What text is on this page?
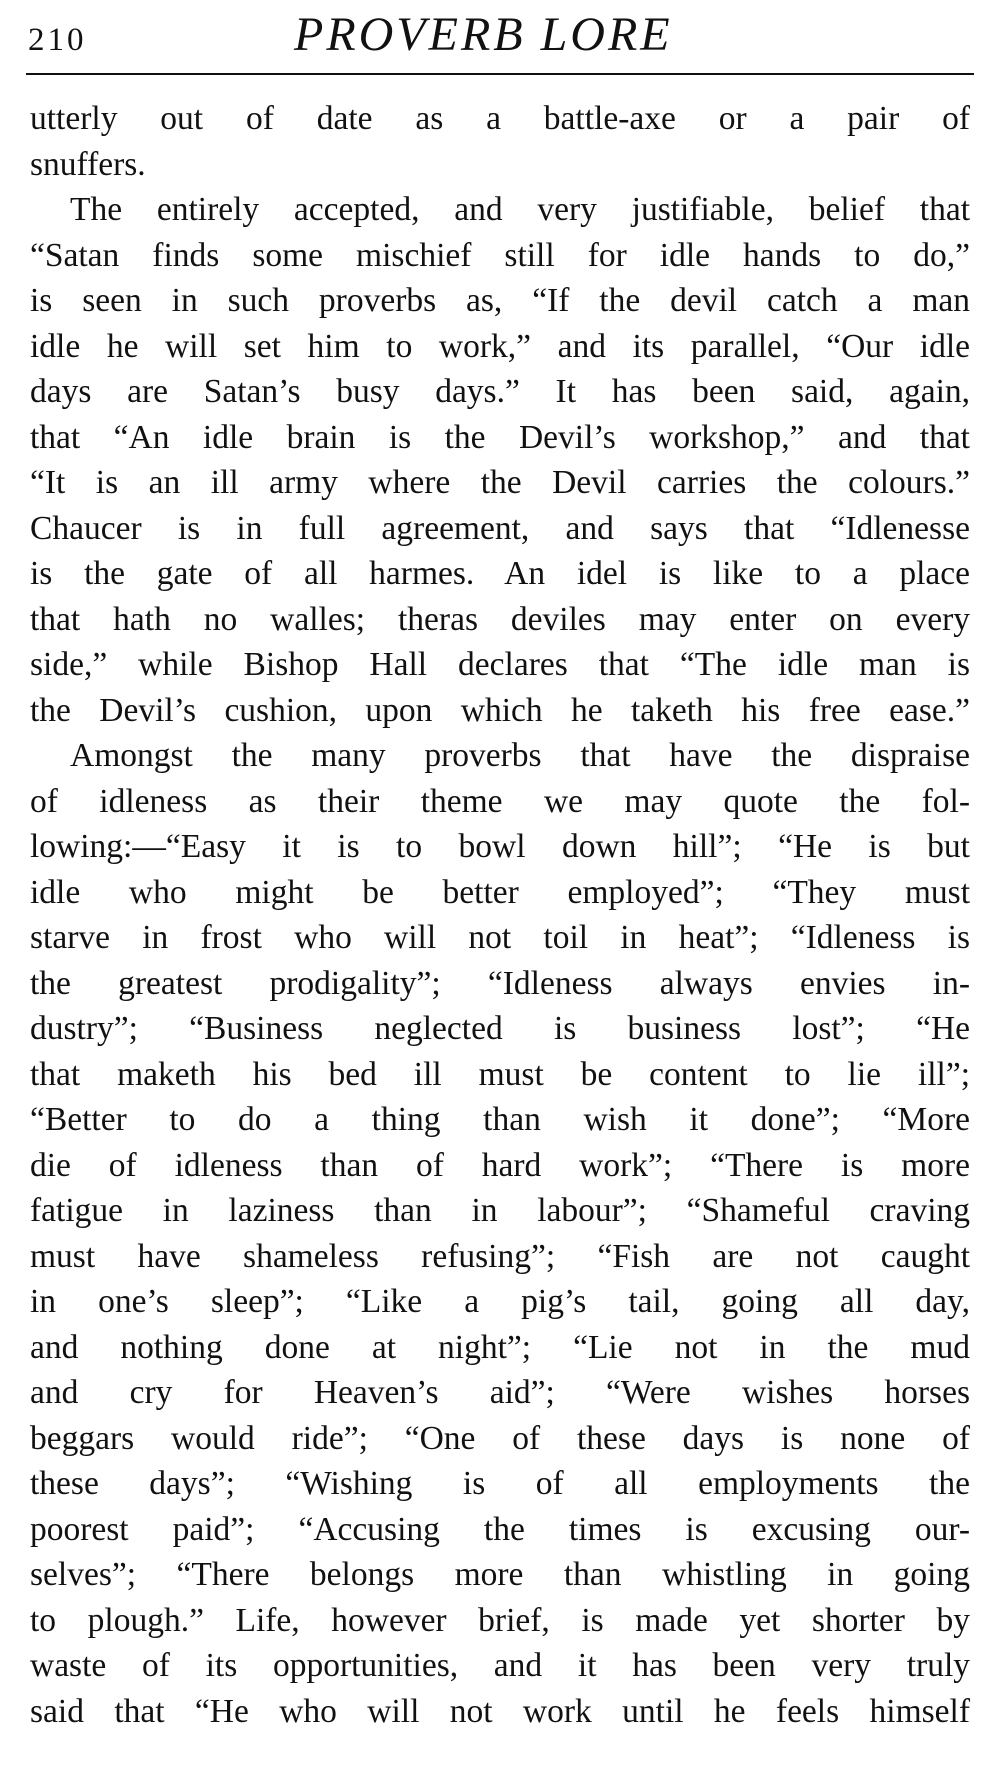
210	PROVERB LORE
utterly out of date as a battle-axe or a pair of
snuffers.
The entirely accepted, and very justifiable, belief that
“Satan finds some mischief still for idle hands to do,”
is seen in such proverbs as, “If the devil catch a man
idle he will set him to work,” and its parallel, “Our idle
days are Satan’s busy days.” It has been said, again,
that “An idle brain is the Devil’s workshop,” and that
“It is an ill army where the Devil carries the colours.”
Chaucer is in full agreement, and says that “Idlenesse
is the gate of all harmes. An idel is like to a place
that hath no walles; theras deviles may enter on every
side,” while Bishop Hall declares that “The idle man is
the Devil’s cushion, upon which he taketh his free ease.”
Amongst the many proverbs that have the dispraise
of idleness as their theme we may quote the fol-
lowing:—“Easy it is to bowl down hill”; “He is but
idle who might be better employed”; “They must
starve in frost who will not toil in heat”; “Idleness is
the greatest prodigality”; “Idleness always envies in-
dustry”; “Business neglected is business lost”; “He
that maketh his bed ill must be content to lie ill”;
“Better to do a thing than wish it done”; “More
die of idleness than of hard work”; “There is more
fatigue in laziness than in labour”; “Shameful craving
must have shameless refusing”; “Fish are not caught
in one’s sleep”; “Like a pig’s tail, going all day,
and nothing done at night”; “Lie not in the mud
and cry for Heaven’s aid”; “Were wishes horses
beggars would ride”; “One of these days is none of
these days”; “Wishing is of all employments the
poorest paid”; “Accusing the times is excusing our-
selves”; “There belongs more than whistling in going
to plough.” Life, however brief, is made yet shorter by
waste of its opportunities, and it has been very truly
said that “He who will not work until he feels himself
